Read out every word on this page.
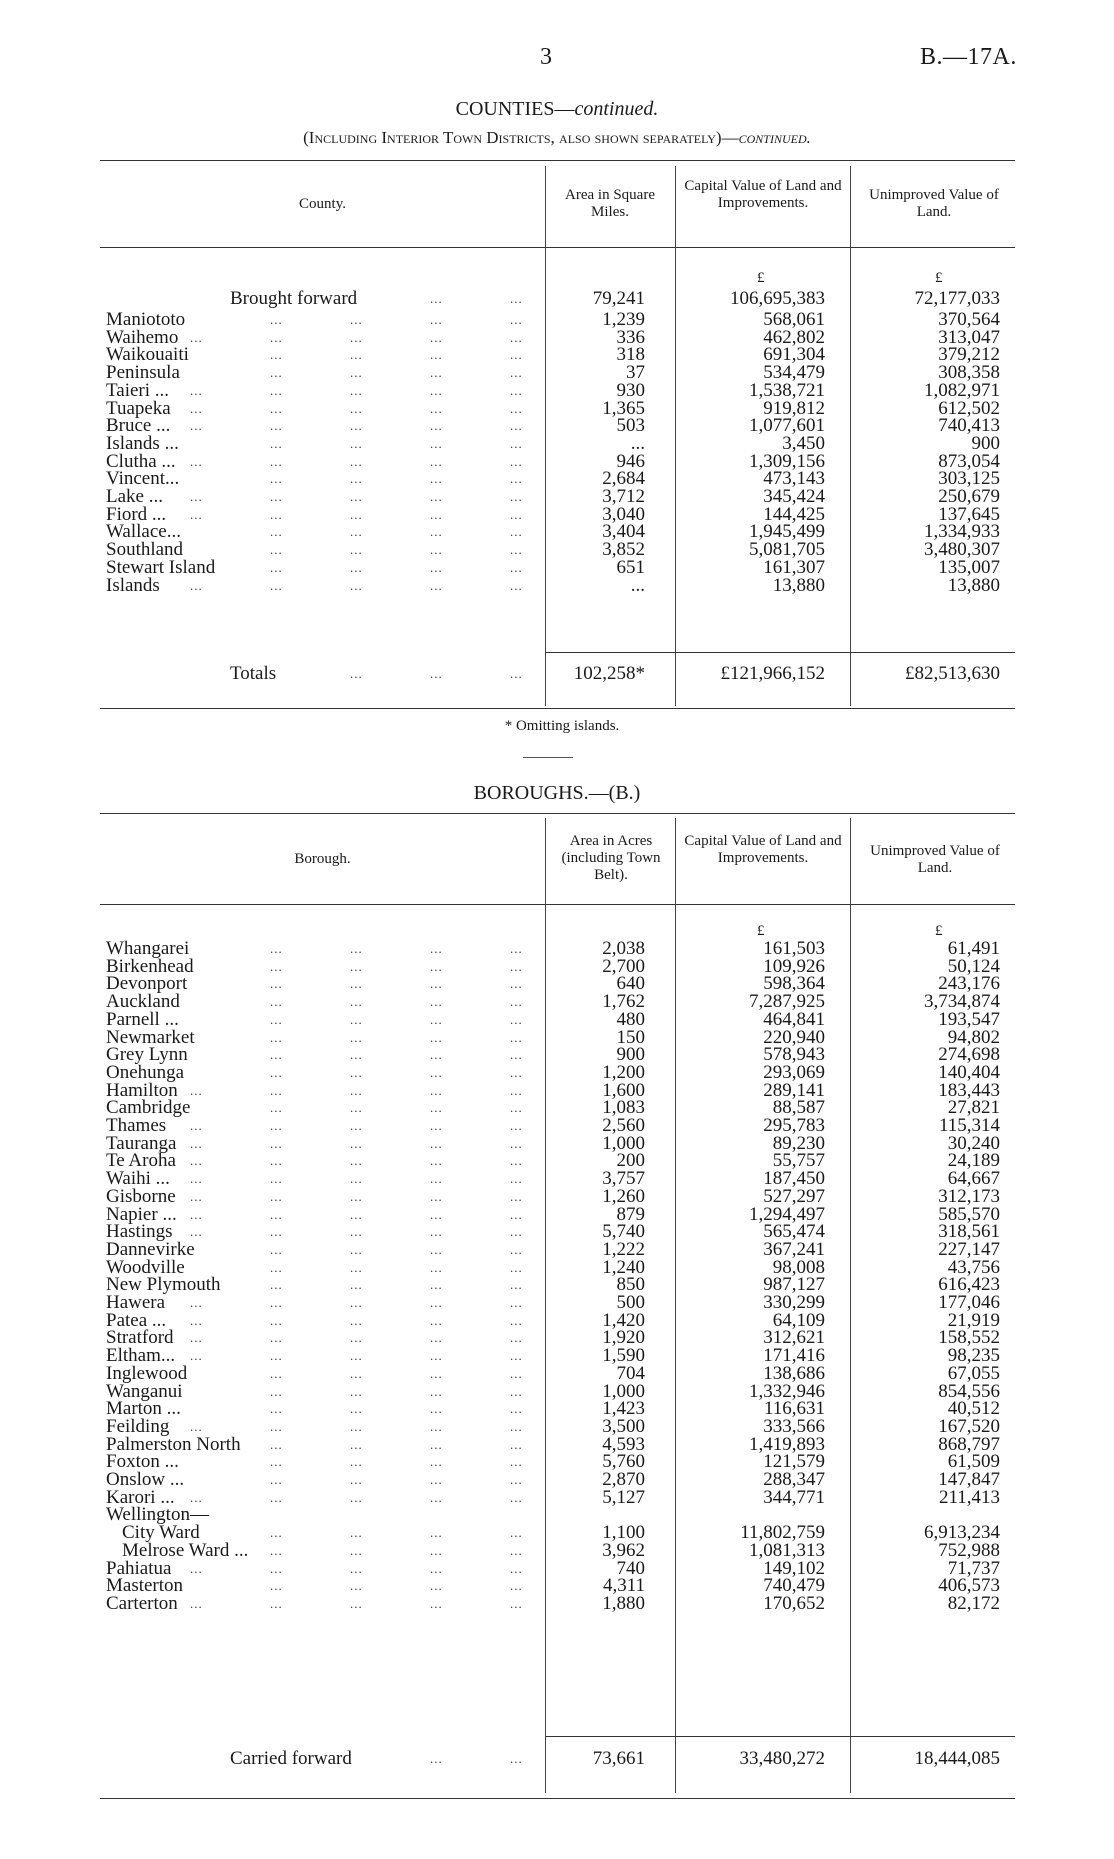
3	B.—17A.
COUNTIES—continued.
(Including Interior Town Districts, also shown separately)—continued.
County.
Area in Square Miles.
Capital Value of Land and Improvements.	Unimproved Value of Land.
£	£
Brought forward	...	...	79,241	106,695,383	72,177,033
Maniototo	...	...	...	...	1,239	568,061	370,564
Waihemo ...	...	...	...	...	336	462,802	313,047
Waikouaiti	...	...	...	...	318	691,304	379,212
Peninsula	...	...	...	...	37	534,479	308,358
Taieri ... ...	...	...	...	...	930	1,538,721	1,082,971
Tuapeka ...	...	...	...	...	1,365	919,812	612,502
Bruce ... ...	...	...	...	...	503	1,077,601	740,413
Islands ...	...	...	...	...	...	3,450	900
Clutha ... ...	...	...	...	...	946	1,309,156	873,054
Vincent...	...	...	...	...	2,684	473,143	303,125
Lake ... ...	...	...	...	...	3,712	345,424	250,679
Fiord ... ...	...	...	...	...	3,040	144,425	137,645
Wallace...	...	...	...	...	3,404	1,945,499	1,334,933
Southland	...	...	...	...	3,852	5,081,705	3,480,307
Stewart Island	...	...	...	...	651	161,307	135,007
Islands ...	...	...	...	...	...	13,880	13,880
Totals	...	...	...	102,258*	£121,966,152	£82,513,630
* Omitting islands.
BOROUGHS.—(B.)
Borough.
Area in Acres (including Town Belt).
Capital Value of Land and Improvements.	Unimproved Value of Land.
£	£
Whangarei	...	...	...	...	2,038	161,503	61,491
Birkenhead	...	...	...	...	2,700	109,926	50,124
Devonport	...	...	...	...	640	598,364	243,176
Auckland	...	...	...	...	1,762	7,287,925	3,734,874
Parnell ...	...	...	...	...	480	464,841	193,547
Newmarket	...	...	...	...	150	220,940	94,802
Grey Lynn	...	...	...	...	900	578,943	274,698
Onehunga	...	...	...	...	1,200	293,069	140,404
Hamilton ...	...	...	...	...	1,600	289,141	183,443
Cambridge	...	...	...	...	1,083	88,587	27,821
Thames ...	...	...	...	...	2,560	295,783	115,314
Tauranga ...	...	...	...	...	1,000	89,230	30,240
Te Aroha ...	...	...	...	...	200	55,757	24,189
Waihi ... ...	...	...	...	...	3,757	187,450	64,667
Gisborne ...	...	...	...	...	1,260	527,297	312,173
Napier ... ...	...	...	...	...	879	1,294,497	585,570
Hastings ...	...	...	...	...	5,740	565,474	318,561
Dannevirke	...	...	...	...	1,222	367,241	227,147
Woodville	...	...	...	...	1,240	98,008	43,756
New Plymouth	...	...	...	...	850	987,127	616,423
Hawera ...	...	...	...	...	500	330,299	177,046
Patea ... ...	...	...	...	...	1,420	64,109	21,919
Stratford ...	...	...	...	...	1,920	312,621	158,552
Eltham... ...	...	...	...	...	1,590	171,416	98,235
Inglewood	...	...	...	...	704	138,686	67,055
Wanganui	...	...	...	...	1,000	1,332,946	854,556
Marton ...	...	...	...	...	1,423	116,631	40,512
Feilding ...	...	...	...	...	3,500	333,566	167,520
Palmerston North ...	...	...	...	4,593	1,419,893	868,797
Foxton ...	...	...	...	...	5,760	121,579	61,509
Onslow ...	...	...	...	...	2,870	288,347	147,847
Karori ... ...	...	...	...	...	5,127	344,771	211,413
Wellington—
City Ward	...	...	...	...	1,100	11,802,759	6,913,234
Melrose Ward ... ...	...	...	...	3,962	1,081,313	752,988
Pahiatua ...	...	...	...	...	740	149,102	71,737
Masterton	...	...	...	...	4,311	740,479	406,573
Carterton ...	...	...	...	...	1,880	170,652	82,172
Carried forward	...	...	73,661	33,480,272	18,444,085
